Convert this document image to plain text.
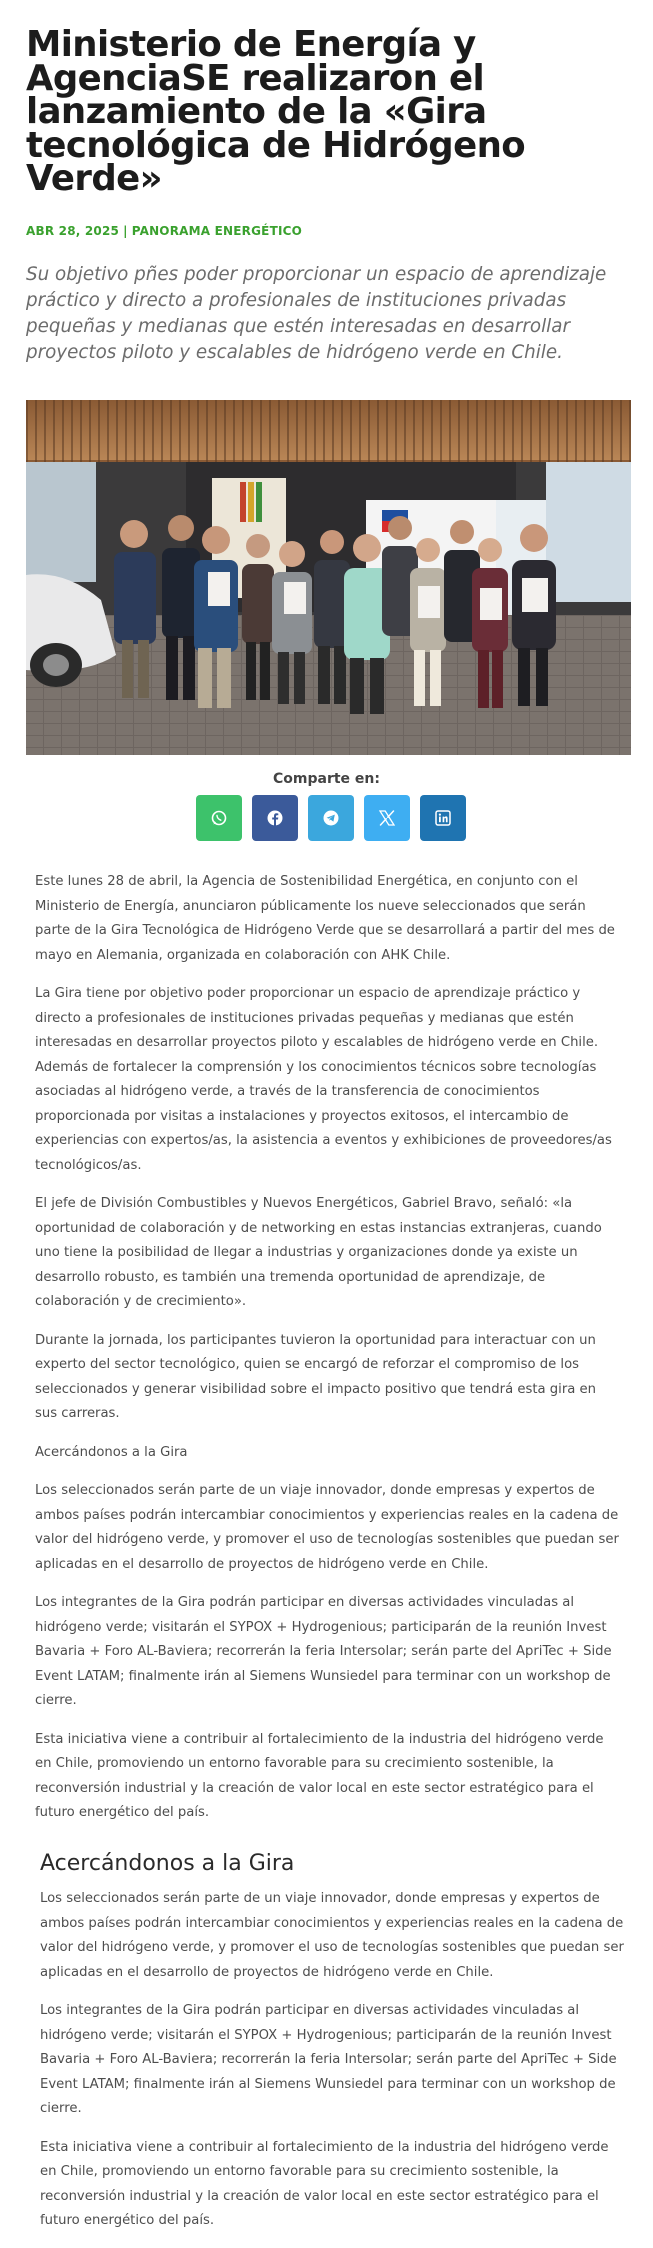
Ministerio de Energía y AgenciaSE realizaron el lanzamiento de la «Gira tecnológica de Hidrógeno Verde»
ABR 28, 2025 | PANORAMA ENERGÉTICO

Su objetivo pñes poder proporcionar un espacio de aprendizaje práctico y directo a profesionales de instituciones privadas pequeñas y medianas que estén interesadas en desarrollar proyectos piloto y escalables de hidrógeno verde en Chile.

Comparte en:

Este lunes 28 de abril, la Agencia de Sostenibilidad Energética, en conjunto con el Ministerio de Energía, anunciaron públicamente los nueve seleccionados que serán parte de la Gira Tecnológica de Hidrógeno Verde que se desarrollará a partir del mes de mayo en Alemania, organizada en colaboración con AHK Chile.

La Gira tiene por objetivo poder proporcionar un espacio de aprendizaje práctico y directo a profesionales de instituciones privadas pequeñas y medianas que estén interesadas en desarrollar proyectos piloto y escalables de hidrógeno verde en Chile. Además de fortalecer la comprensión y los conocimientos técnicos sobre tecnologías asociadas al hidrógeno verde, a través de la transferencia de conocimientos proporcionada por visitas a instalaciones y proyectos exitosos, el intercambio de experiencias con expertos/as, la asistencia a eventos y exhibiciones de proveedores/as tecnológicos/as.

El jefe de División Combustibles y Nuevos Energéticos, Gabriel Bravo, señaló: «la oportunidad de colaboración y de networking en estas instancias extranjeras, cuando uno tiene la posibilidad de llegar a industrias y organizaciones donde ya existe un desarrollo robusto, es también una tremenda oportunidad de aprendizaje, de colaboración y de crecimiento».

Durante la jornada, los participantes tuvieron la oportunidad para interactuar con un experto del sector tecnológico, quien se encargó de reforzar el compromiso de los seleccionados y generar visibilidad sobre el impacto positivo que tendrá esta gira en sus carreras.

Acercándonos a la Gira

Los seleccionados serán parte de un viaje innovador, donde empresas y expertos de ambos países podrán intercambiar conocimientos y experiencias reales en la cadena de valor del hidrógeno verde, y promover el uso de tecnologías sostenibles que puedan ser aplicadas en el desarrollo de proyectos de hidrógeno verde en Chile.

Los integrantes de la Gira podrán participar en diversas actividades vinculadas al hidrógeno verde; visitarán el SYPOX + Hydrogenious; participarán de la reunión Invest Bavaria + Foro AL-Baviera; recorrerán la feria Intersolar; serán parte del ApriTec + Side Event LATAM; finalmente irán al Siemens Wunsiedel para terminar con un workshop de cierre.

Esta iniciativa viene a contribuir al fortalecimiento de la industria del hidrógeno verde en Chile, promoviendo un entorno favorable para su crecimiento sostenible, la reconversión industrial y la creación de valor local en este sector estratégico para el futuro energético del país.

Acercándonos a la Gira

Los seleccionados serán parte de un viaje innovador, donde empresas y expertos de ambos países podrán intercambiar conocimientos y experiencias reales en la cadena de valor del hidrógeno verde, y promover el uso de tecnologías sostenibles que puedan ser aplicadas en el desarrollo de proyectos de hidrógeno verde en Chile.

Los integrantes de la Gira podrán participar en diversas actividades vinculadas al hidrógeno verde; visitarán el SYPOX + Hydrogenious; participarán de la reunión Invest Bavaria + Foro AL-Baviera; recorrerán la feria Intersolar; serán parte del ApriTec + Side Event LATAM; finalmente irán al Siemens Wunsiedel para terminar con un workshop de cierre.

Esta iniciativa viene a contribuir al fortalecimiento de la industria del hidrógeno verde en Chile, promoviendo un entorno favorable para su crecimiento sostenible, la reconversión industrial y la creación de valor local en este sector estratégico para el futuro energético del país.
